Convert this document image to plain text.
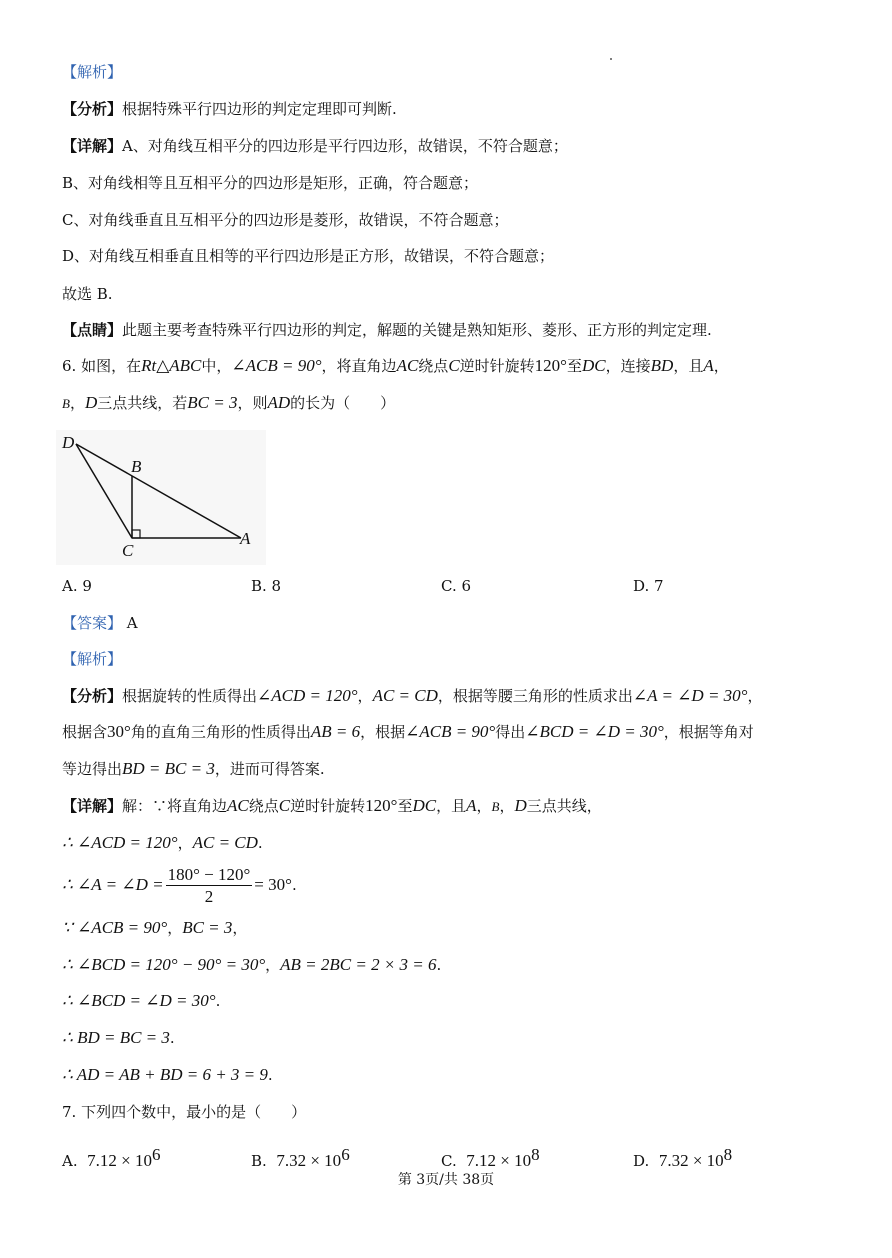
【解析】
【分析】根据特殊平行四边形的判定定理即可判断.
【详解】A、对角线互相平分的四边形是平行四边形，故错误，不符合题意；
B、对角线相等且互相平分的四边形是矩形，正确，符合题意；
C、对角线垂直且互相平分的四边形是菱形，故错误，不符合题意；
D、对角线互相垂直且相等的平行四边形是正方形，故错误，不符合题意；
故选 B.
【点睛】此题主要考查特殊平行四边形的判定，解题的关键是熟知矩形、菱形、正方形的判定定理.
6. 如图，在Rt△ABC中，∠ACB = 90°，将直角边AC绕点C逆时针旋转120°至DC，连接BD，且A，
B，D三点共线，若BC = 3，则AD的长为（　　）
D
B
C
A
A. 9	B. 8	C. 6	D. 7
【答案】 A
【解析】
【分析】根据旋转的性质得出∠ACD = 120°，AC = CD，根据等腰三角形的性质求出∠A = ∠D = 30°，
根据含30°角的直角三角形的性质得出AB = 6，根据∠ACB = 90°得出∠BCD = ∠D = 30°，根据等角对
等边得出BD = BC = 3，进而可得答案.
【详解】解：∵将直角边AC绕点C逆时针旋转120°至DC，且A，B，D三点共线，
∴ ∠ACD = 120°，AC = CD.
∴ ∠A = ∠D = $\frac{180^\circ - 120^\circ}{2} = 30^\circ$.
∵ ∠ACB = 90°，BC = 3，
∴ ∠BCD = 120° − 90° = 30°，AB = 2BC = 2 × 3 = 6.
∴ ∠BCD = ∠D = 30°.
∴ BD = BC = 3.
∴ AD = AB + BD = 6 + 3 = 9.
7. 下列四个数中，最小的是（　　）
A. $7.12 \times 10^6$	B. $7.32 \times 10^6$	C. $7.12 \times 10^8$	D. $7.32 \times 10^8$
第 3页/共 38页
